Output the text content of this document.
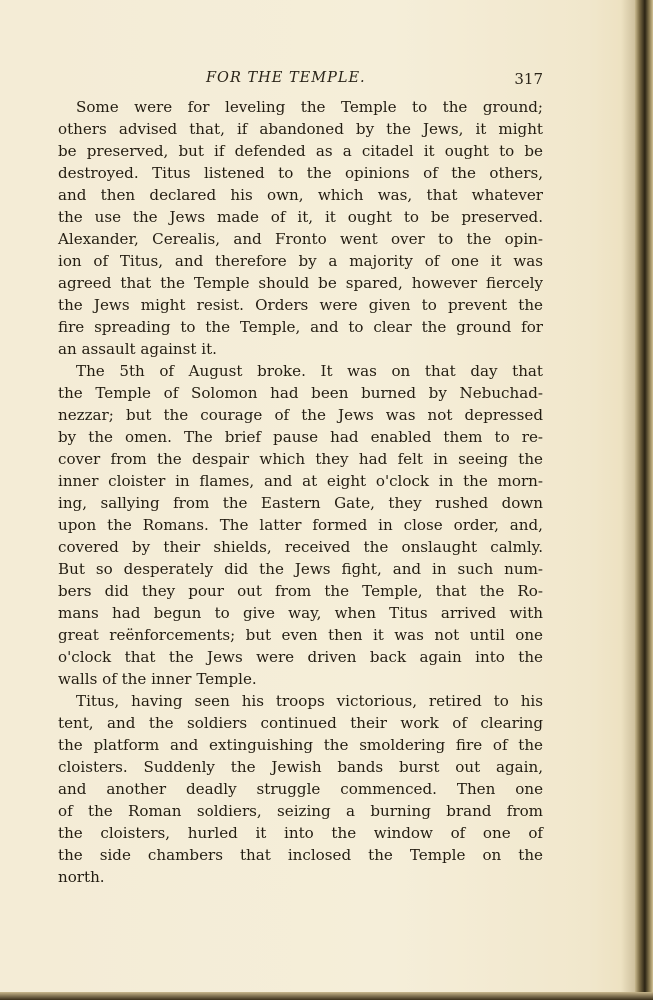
FOR THE TEMPLE.	317
Some were for leveling the Temple to the ground;
others advised that, if abandoned by the Jews, it might
be preserved, but if defended as a citadel it ought to be
destroyed. Titus listened to the opinions of the others,
and then declared his own, which was, that whatever
the use the Jews made of it, it ought to be preserved.
Alexander, Cerealis, and Fronto went over to the opin-
ion of Titus, and therefore by a majority of one it was
agreed that the Temple should be spared, however fiercely
the Jews might resist. Orders were given to prevent the
fire spreading to the Temple, and to clear the ground for
an assault against it.
The 5th of August broke. It was on that day that
the Temple of Solomon had been burned by Nebuchad-
nezzar; but the courage of the Jews was not depressed
by the omen. The brief pause had enabled them to re-
cover from the despair which they had felt in seeing the
inner cloister in flames, and at eight o'clock in the morn-
ing, sallying from the Eastern Gate, they rushed down
upon the Romans. The latter formed in close order, and,
covered by their shields, received the onslaught calmly.
But so desperately did the Jews fight, and in such num-
bers did they pour out from the Temple, that the Ro-
mans had begun to give way, when Titus arrived with
great reënforcements; but even then it was not until one
o'clock that the Jews were driven back again into the
walls of the inner Temple.
Titus, having seen his troops victorious, retired to his
tent, and the soldiers continued their work of clearing
the platform and extinguishing the smoldering fire of the
cloisters. Suddenly the Jewish bands burst out again,
and another deadly struggle commenced. Then one
of the Roman soldiers, seizing a burning brand from
the cloisters, hurled it into the window of one of
the side chambers that inclosed the Temple on the
north.
